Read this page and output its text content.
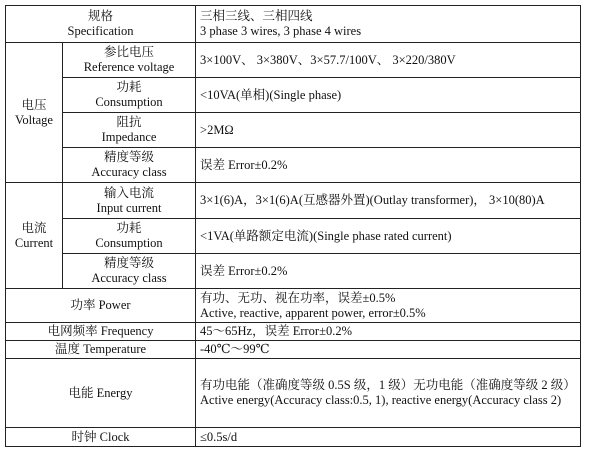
规格
Specification		三相三线、三相四线
3 phase 3 wires, 3 phase 4 wires

电压
Voltage	参比电压
Reference voltage	3×100V、 3×380V、3×57.7/100V、 3×220/380V

	功耗
Consumption	<10VA(单相)(Single phase)

	阻抗
Impedance	>2MΩ

	精度等级
Accuracy class	误差 Error±0.2%

电流
Current	输入电流
Input current	3×1(6)A，3×1(6)A(互感器外置)(Outlay transformer)， 3×10(80)A

	功耗
Consumption	<1VA(单路额定电流)(Single phase rated current)

	精度等级
Accuracy class	误差 Error±0.2%

功率 Power		有功、无功、视在功率，误差±0.5%
Active, reactive, apparent power, error±0.5%

电网频率 Frequency		45～65Hz，误差 Error±0.2%

温度 Temperature		-40℃～99℃

电能 Energy		有功电能（准确度等级 0.5S 级，1 级）无功电能（准确度等级 2 级）
Active energy(Accuracy class:0.5, 1), reactive energy(Accuracy class 2)

时钟 Clock		≤0.5s/d
